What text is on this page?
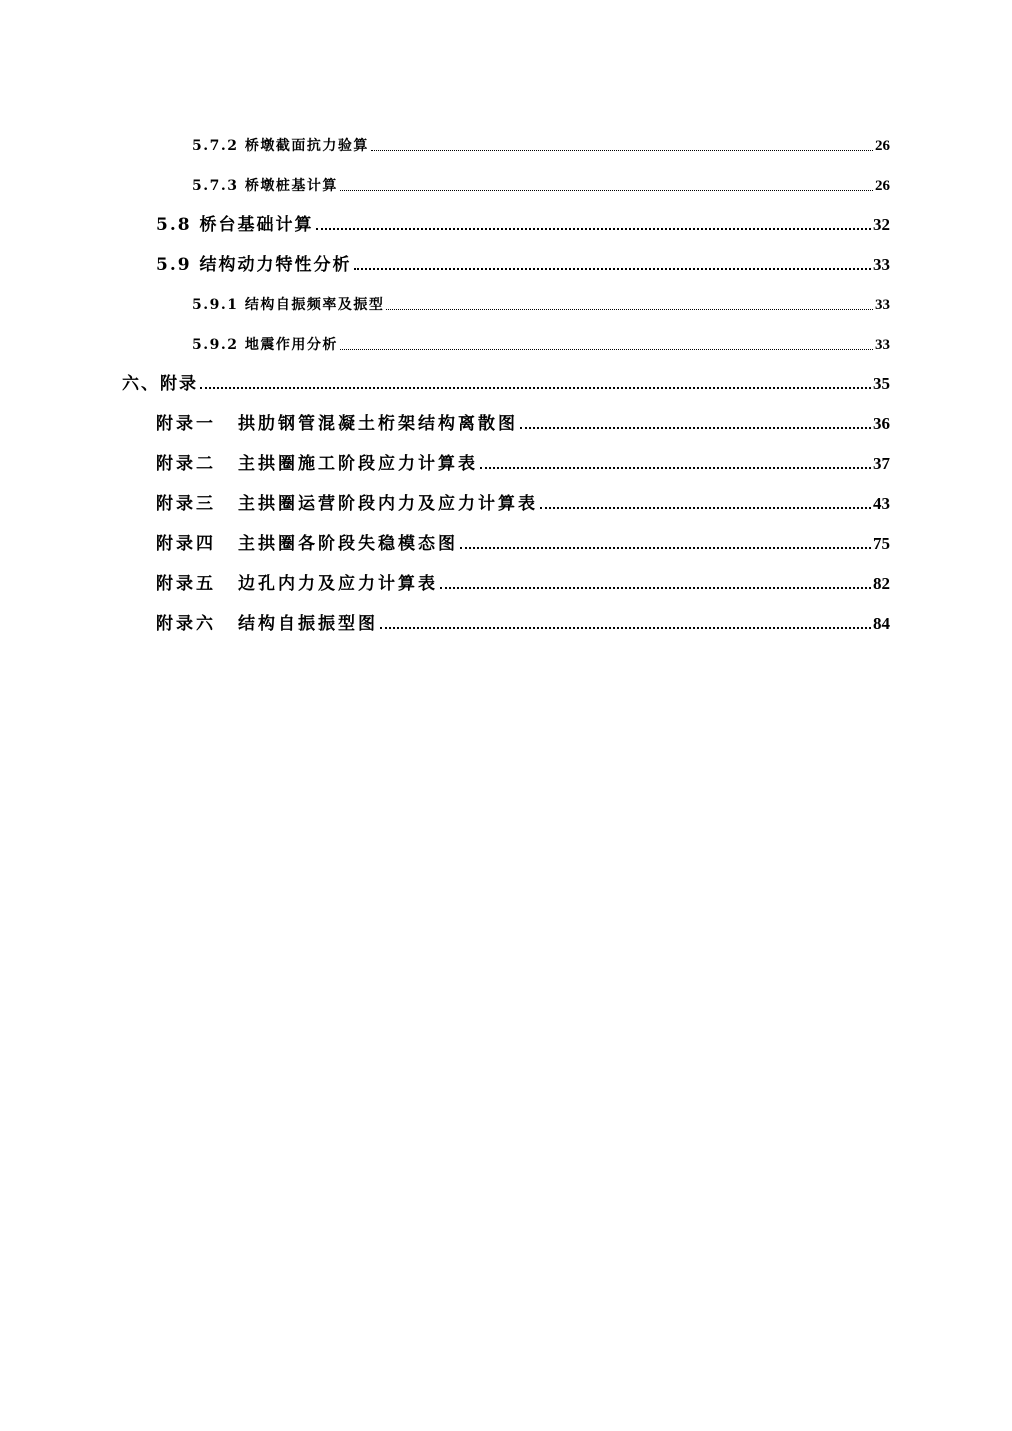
5.7.2 桥墩截面抗力验算	26
5.7.3 桥墩桩基计算	26
5.8 桥台基础计算	32
5.9 结构动力特性分析	33
5.9.1 结构自振频率及振型	33
5.9.2 地震作用分析	33
六、附录	35
附录一 拱肋钢管混凝土桁架结构离散图	36
附录二 主拱圈施工阶段应力计算表	37
附录三 主拱圈运营阶段内力及应力计算表	43
附录四 主拱圈各阶段失稳模态图	75
附录五 边孔内力及应力计算表	82
附录六 结构自振振型图	84
